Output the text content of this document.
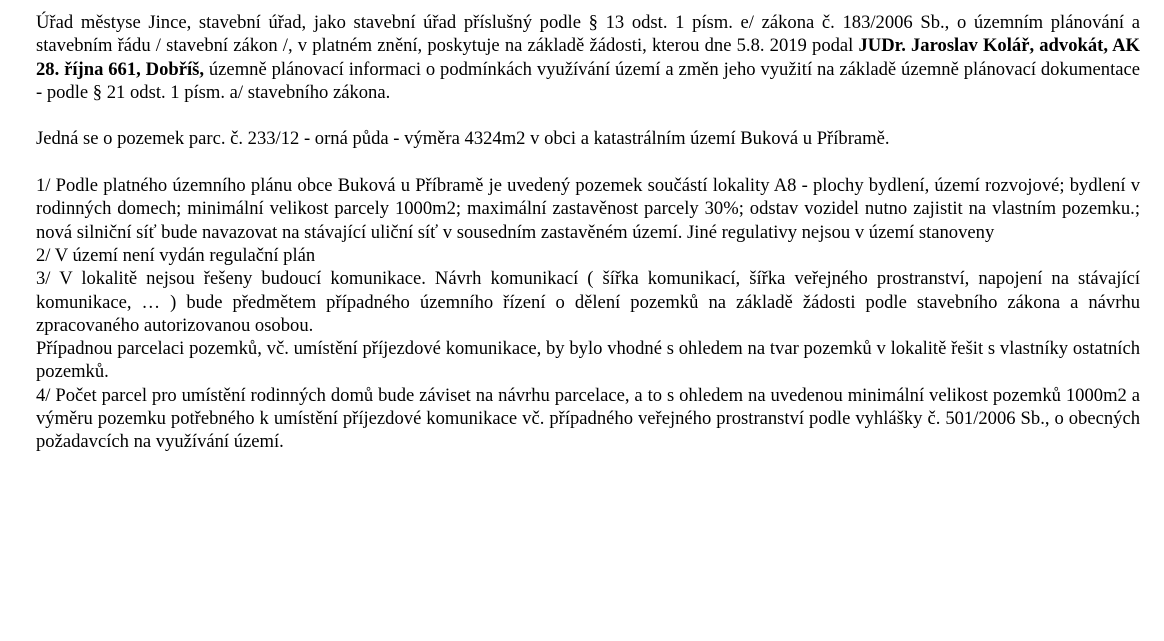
Úřad městyse Jince, stavební úřad, jako stavební úřad příslušný podle § 13 odst. 1 písm. e/ zákona č. 183/2006 Sb., o územním plánování a stavebním řádu / stavební zákon /, v platném znění, poskytuje na základě žádosti, kterou dne 5.8. 2019 podal JUDr. Jaroslav Kolář, advokát, AK 28. října 661, Dobříš, územně plánovací informaci o podmínkách využívání území a změn jeho využití na základě územně plánovací dokumentace - podle § 21 odst. 1 písm. a/ stavebního zákona.

Jedná se o pozemek parc. č. 233/12 - orná půda - výměra 4324m2 v obci a katastrálním území Buková u Příbramě.

1/ Podle platného územního plánu obce Buková u Příbramě je uvedený pozemek součástí lokality A8 - plochy bydlení, území rozvojové; bydlení v rodinných domech; minimální velikost parcely 1000m2; maximální zastavěnost parcely 30%; odstav vozidel nutno zajistit na vlastním pozemku.; nová silniční síť bude navazovat na stávající uliční síť v sousedním zastavěném území. Jiné regulativy nejsou v území stanoveny

2/ V území není vydán regulační plán

3/ V lokalitě nejsou řešeny budoucí komunikace. Návrh komunikací ( šířka komunikací, šířka veřejného prostranství, napojení na stávající komunikace, … ) bude předmětem případného územního řízení o dělení pozemků na základě žádosti podle stavebního zákona a návrhu zpracovaného autorizovanou osobou.

Případnou parcelaci pozemků, vč. umístění příjezdové komunikace, by bylo vhodné s ohledem na tvar pozemků v lokalitě řešit s vlastníky ostatních pozemků.

4/ Počet parcel pro umístění rodinných domů bude záviset na návrhu parcelace, a to s ohledem na uvedenou minimální velikost pozemků 1000m2 a výměru pozemku potřebného k umístění příjezdové komunikace vč. případného veřejného prostranství podle vyhlášky č. 501/2006 Sb., o obecných požadavcích na využívání území.
